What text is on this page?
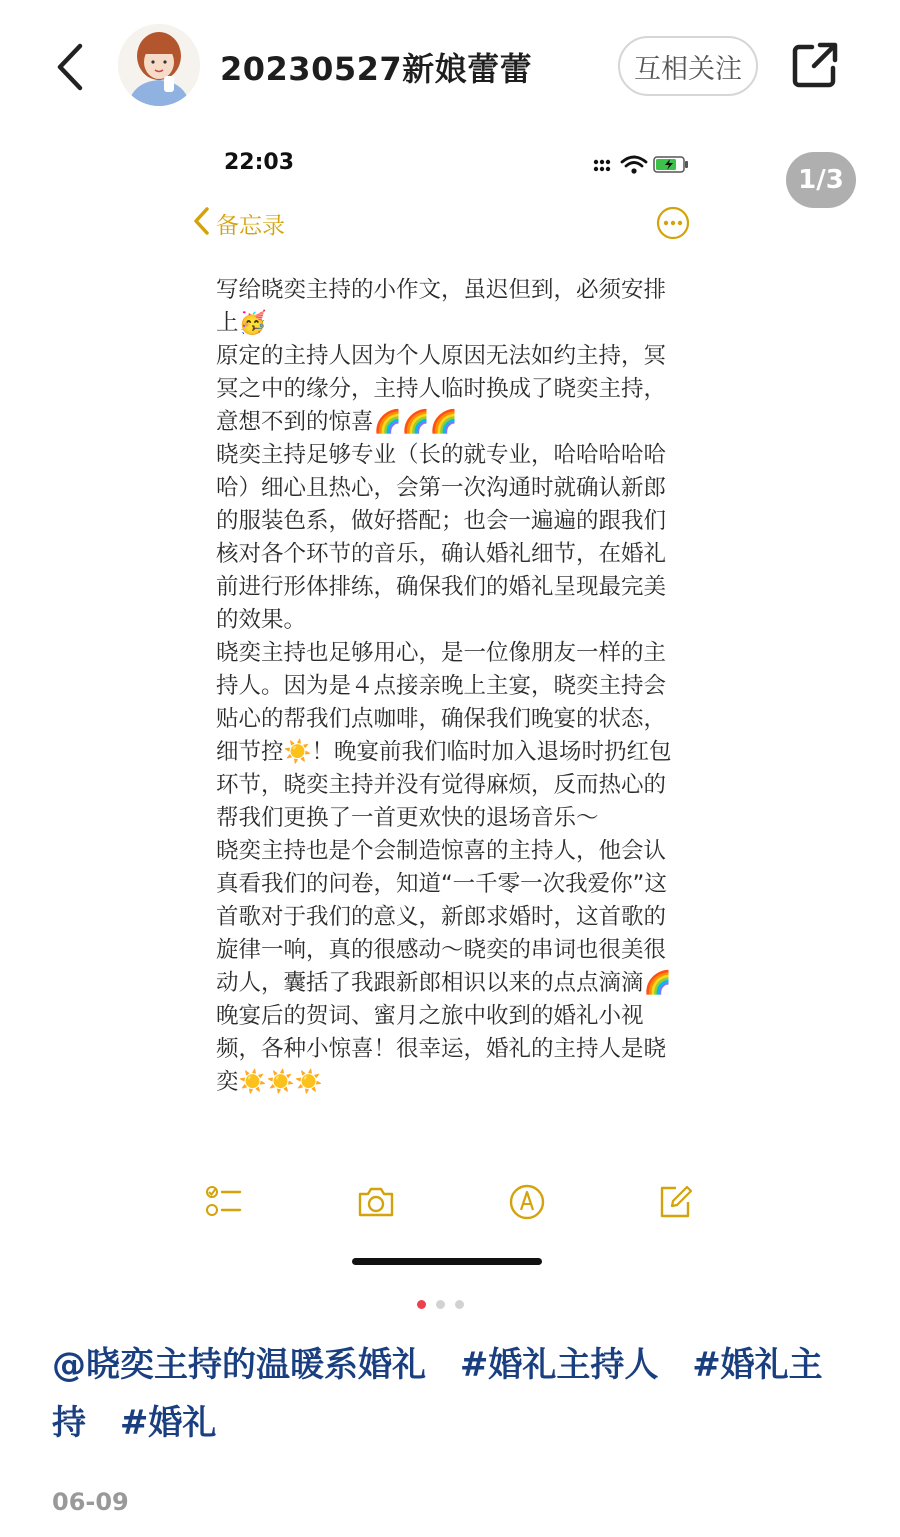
20230527新娘蕾蕾	互相关注
22:03
1/3
备忘录

写给晓奕主持的小作文，虽迟但到，必须安排上🥳

原定的主持人因为个人原因无法如约主持，冥冥之中的缘分，主持人临时换成了晓奕主持，意想不到的惊喜🌈🌈🌈

晓奕主持足够专业（长的就专业，哈哈哈哈哈哈）细心且热心，会第一次沟通时就确认新郎的服装色系，做好搭配；也会一遍遍的跟我们核对各个环节的音乐，确认婚礼细节，在婚礼前进行形体排练，确保我们的婚礼呈现最完美的效果。

晓奕主持也足够用心，是一位像朋友一样的主持人。因为是４点接亲晚上主宴，晓奕主持会贴心的帮我们点咖啡，确保我们晚宴的状态，细节控☀️！晚宴前我们临时加入退场时扔红包环节，晓奕主持并没有觉得麻烦，反而热心的帮我们更换了一首更欢快的退场音乐～

晓奕主持也是个会制造惊喜的主持人，他会认真看我们的问卷，知道“一千零一次我爱你”这首歌对于我们的意义，新郎求婚时，这首歌的旋律一响，真的很感动～晓奕的串词也很美很动人，囊括了我跟新郎相识以来的点点滴滴🌈晚宴后的贺词、蜜月之旅中收到的婚礼小视频，各种小惊喜！很幸运，婚礼的主持人是晓奕☀️☀️☀️

@晓奕主持的温暖系婚礼 #婚礼主持人 #婚礼主持 #婚礼
06-09
